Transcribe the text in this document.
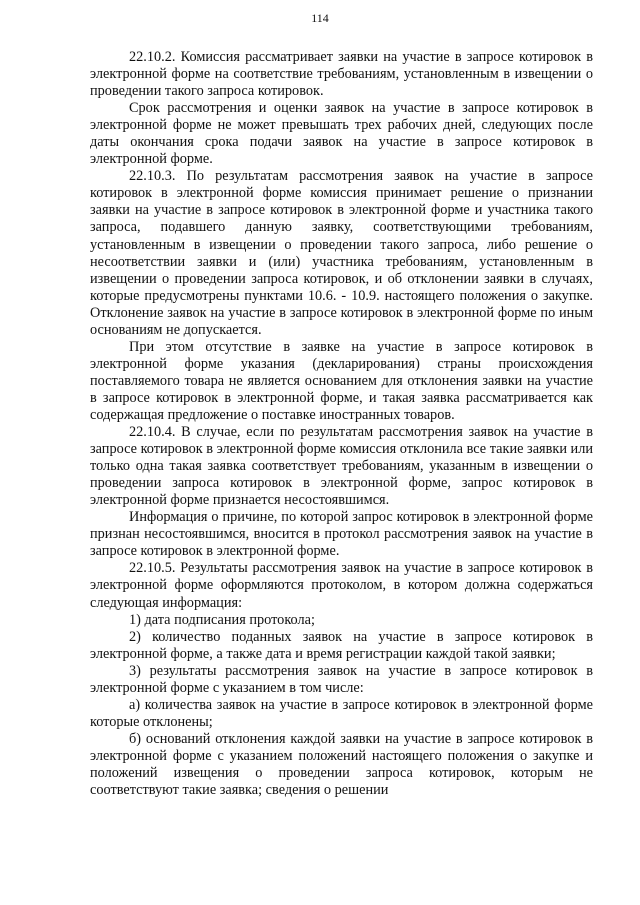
114

22.10.2. Комиссия рассматривает заявки на участие в запросе котировок в электронной форме на соответствие требованиям, установленным в извещении о проведении такого запроса котировок.

Срок рассмотрения и оценки заявок на участие в запросе котировок в электронной форме не может превышать трех рабочих дней, следующих после даты окончания срока подачи заявок на участие в запросе котировок в электронной форме.

22.10.3. По результатам рассмотрения заявок на участие в запросе котировок в электронной форме комиссия принимает решение о признании заявки на участие в запросе котировок в электронной форме и участника такого запроса, подавшего данную заявку, соответствующими требованиям, установленным в извещении о проведении такого запроса, либо решение о несоответствии заявки и (или) участника требованиям, установленным в извещении о проведении запроса котировок, и об отклонении заявки в случаях, которые предусмотрены пунктами 10.6. - 10.9. настоящего положения о закупке. Отклонение заявок на участие в запросе котировок в электронной форме по иным основаниям не допускается.

При этом отсутствие в заявке на участие в запросе котировок в электронной форме указания (декларирования) страны происхождения поставляемого товара не является основанием для отклонения заявки на участие в запросе котировок в электронной форме, и такая заявка рассматривается как содержащая предложение о поставке иностранных товаров.

22.10.4. В случае, если по результатам рассмотрения заявок на участие в запросе котировок в электронной форме комиссия отклонила все такие заявки или только одна такая заявка соответствует требованиям, указанным в извещении о проведении запроса котировок в электронной форме, запрос котировок в электронной форме признается несостоявшимся.

Информация о причине, по которой запрос котировок в электронной форме признан несостоявшимся, вносится в протокол рассмотрения заявок на участие в запросе котировок в электронной форме.

22.10.5. Результаты рассмотрения заявок на участие в запросе котировок в электронной форме оформляются протоколом, в котором должна содержаться следующая информация:

1) дата подписания протокола;

2) количество поданных заявок на участие в запросе котировок в электронной форме, а также дата и время регистрации каждой такой заявки;

3) результаты рассмотрения заявок на участие в запросе котировок в электронной форме с указанием в том числе:

а) количества заявок на участие в запросе котировок в электронной форме которые отклонены;

б) оснований отклонения каждой заявки на участие в запросе котировок в электронной форме с указанием положений настоящего положения о закупке и положений извещения о проведении запроса котировок, которым не соответствуют такие заявка; сведения о решении
